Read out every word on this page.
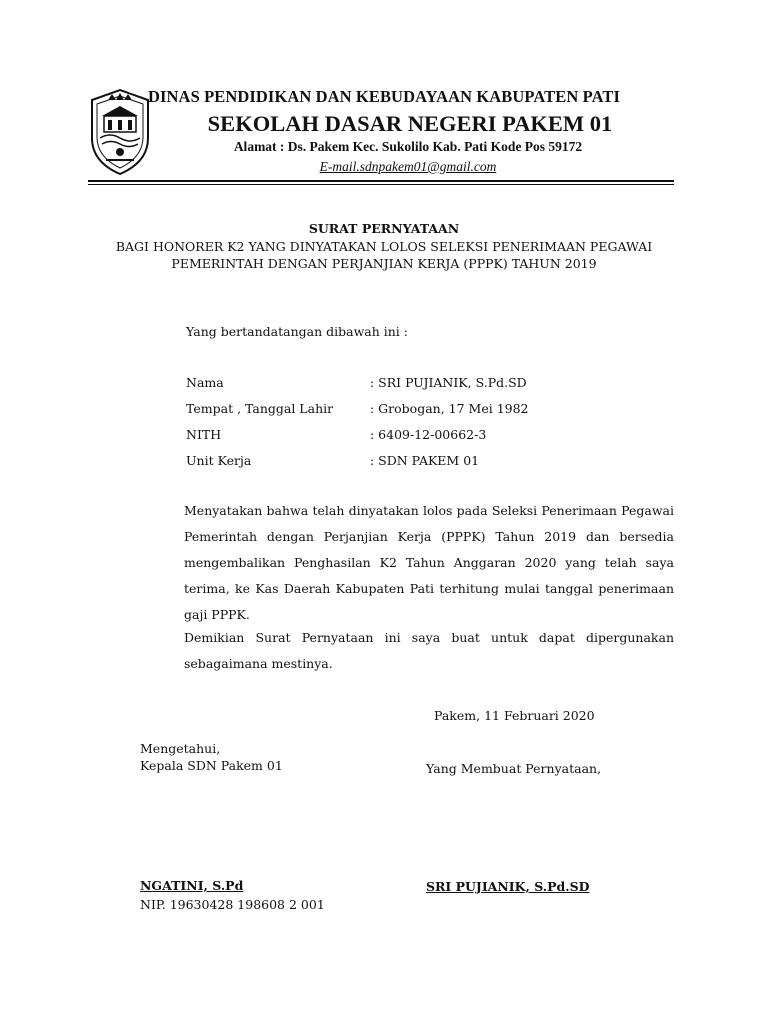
DINAS PENDIDIKAN DAN KEBUDAYAAN KABUPATEN PATI
SEKOLAH DASAR NEGERI PAKEM 01
Alamat : Ds. Pakem Kec. Sukolilo Kab. Pati Kode Pos 59172
E-mail.sdnpakem01@gmail.com
SURAT PERNYATAAN
BAGI HONORER K2 YANG DINYATAKAN LOLOS SELEKSI PENERIMAAN PEGAWAI
PEMERINTAH DENGAN PERJANJIAN KERJA (PPPK) TAHUN 2019
Yang bertandatangan dibawah ini :
Nama	: SRI PUJIANIK, S.Pd.SD
Tempat , Tanggal Lahir	: Grobogan, 17 Mei 1982
NITH	: 6409-12-00662-3
Unit Kerja	: SDN PAKEM 01
Menyatakan bahwa telah dinyatakan lolos pada Seleksi Penerimaan Pegawai Pemerintah dengan Perjanjian Kerja (PPPK) Tahun 2019 dan bersedia mengembalikan Penghasilan K2 Tahun Anggaran 2020 yang telah saya terima, ke Kas Daerah Kabupaten Pati terhitung mulai tanggal penerimaan gaji PPPK.
Demikian Surat Pernyataan ini saya buat untuk dapat dipergunakan sebagaimana mestinya.
Pakem, 11 Februari 2020
Mengetahui,
Kepala SDN Pakem 01	Yang Membuat Pernyataan,
NGATINI, S.Pd	SRI PUJIANIK, S.Pd.SD
NIP. 19630428 198608 2 001
